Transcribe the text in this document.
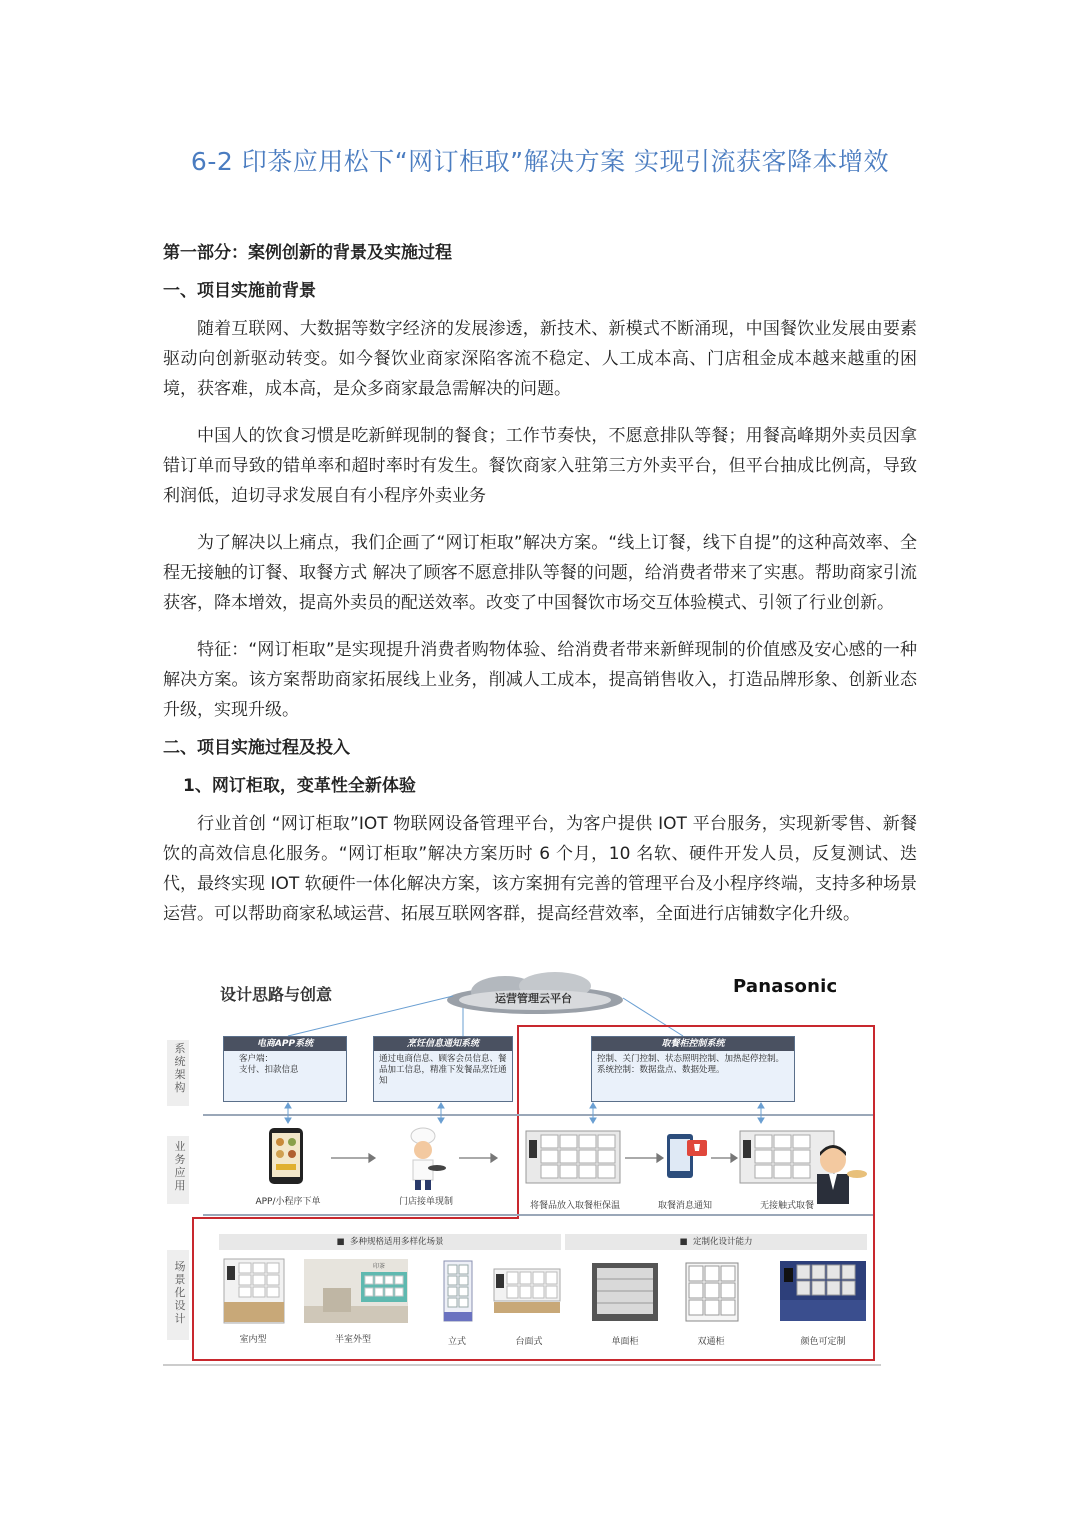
6-2 印茶应用松下“网订柜取”解决方案 实现引流获客降本增效
第一部分：案例创新的背景及实施过程
一、项目实施前背景

随着互联网、大数据等数字经济的发展渗透，新技术、新模式不断涌现，中国餐饮业发展由要素驱动向创新驱动转变。如今餐饮业商家深陷客流不稳定、人工成本高、门店租金成本越来越重的困境，获客难，成本高，是众多商家最急需解决的问题。

中国人的饮食习惯是吃新鲜现制的餐食；工作节奏快，不愿意排队等餐；用餐高峰期外卖员因拿错订单而导致的错单率和超时率时有发生。餐饮商家入驻第三方外卖平台，但平台抽成比例高，导致利润低，迫切寻求发展自有小程序外卖业务

为了解决以上痛点，我们企画了“网订柜取”解决方案。“线上订餐，线下自提”的这种高效率、全程无接触的订餐、取餐方式 解决了顾客不愿意排队等餐的问题，给消费者带来了实惠。帮助商家引流获客，降本增效，提高外卖员的配送效率。改变了中国餐饮市场交互体验模式、引领了行业创新。

特征：“网订柜取”是实现提升消费者购物体验、给消费者带来新鲜现制的价值感及安心感的一种解决方案。该方案帮助商家拓展线上业务，削减人工成本，提高销售收入，打造品牌形象、创新业态升级，实现升级。

二、项目实施过程及投入
1、网订柜取，变革性全新体验

行业首创 “网订柜取”IOT 物联网设备管理平台，为客户提供 IOT 平台服务，实现新零售、新餐饮的高效信息化服务。“网订柜取”解决方案历时 6 个月，10 名软、硬件开发人员，反复测试、迭代，最终实现 IOT 软硬件一体化解决方案，该方案拥有完善的管理平台及小程序终端，支持多种场景运营。可以帮助商家私域运营、拓展互联网客群，提高经营效率，全面进行店铺数字化升级。

设计思路与创意	Panasonic
运营管理云平台
系统架构
业务应用
场景化设计
电商APP系统
客户端：
支付、扣款信息
烹饪信息通知系统
通过电商信息、顾客会员信息、餐品加工信息，精准下发餐品烹饪通知
取餐柜控制系统
控制、关门控制、状态照明控制、加热起停控制。
系统控制：数据盘点、数据处理。
APP/小程序下单	门店接单现制	将餐品放入取餐柜保温	取餐消息通知	无接触式取餐
■  多种规格适用多样化场景	■  定制化设计能力
印茶
室内型	半室外型	立式	台面式	单面柜	双通柜	颜色可定制
